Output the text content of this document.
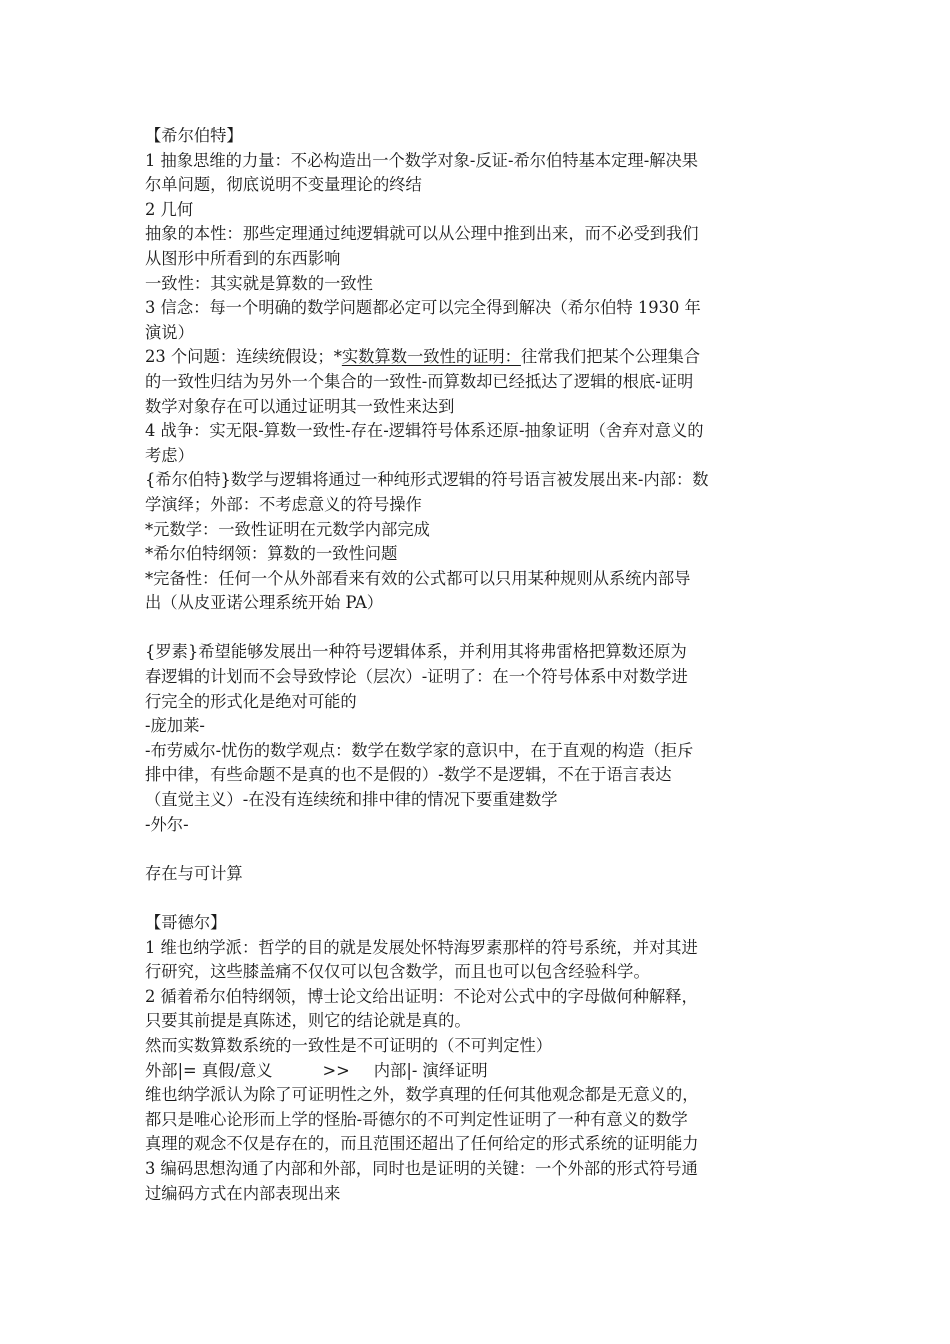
【希尔伯特】
1 抽象思维的力量：不必构造出一个数学对象-反证-希尔伯特基本定理-解决果
尔单问题，彻底说明不变量理论的终结
2 几何
抽象的本性：那些定理通过纯逻辑就可以从公理中推到出来，而不必受到我们
从图形中所看到的东西影响
一致性：其实就是算数的一致性
3 信念：每一个明确的数学问题都必定可以完全得到解决（希尔伯特 1930 年
演说）
23 个问题：连续统假设；*实数算数一致性的证明：往常我们把某个公理集合
的一致性归结为另外一个集合的一致性-而算数却已经抵达了逻辑的根底-证明
数学对象存在可以通过证明其一致性来达到
4 战争：实无限-算数一致性-存在-逻辑符号体系还原-抽象证明（舍弃对意义的
考虑）
{希尔伯特}数学与逻辑将通过一种纯形式逻辑的符号语言被发展出来-内部：数
学演绎；外部：不考虑意义的符号操作
*元数学：一致性证明在元数学内部完成
*希尔伯特纲领：算数的一致性问题
*完备性：任何一个从外部看来有效的公式都可以只用某种规则从系统内部导
出（从皮亚诺公理系统开始 PA）
{罗素}希望能够发展出一种符号逻辑体系，并利用其将弗雷格把算数还原为
春逻辑的计划而不会导致悖论（层次）-证明了：在一个符号体系中对数学进
行完全的形式化是绝对可能的
-庞加莱-
-布劳威尔-忧伤的数学观点：数学在数学家的意识中，在于直观的构造（拒斥
排中律，有些命题不是真的也不是假的）-数学不是逻辑，不在于语言表达
（直觉主义）-在没有连续统和排中律的情况下要重建数学
-外尔-
存在与可计算
【哥德尔】
1 维也纳学派：哲学的目的就是发展处怀特海罗素那样的符号系统，并对其进
行研究，这些膝盖痛不仅仅可以包含数学，而且也可以包含经验科学。
2 循着希尔伯特纲领，博士论文给出证明：不论对公式中的字母做何种解释，
只要其前提是真陈述，则它的结论就是真的。
然而实数算数系统的一致性是不可证明的（不可判定性）
外部|= 真假/意义	>> 内部|- 演绎证明
维也纳学派认为除了可证明性之外，数学真理的任何其他观念都是无意义的，
都只是唯心论形而上学的怪胎-哥德尔的不可判定性证明了一种有意义的数学
真理的观念不仅是存在的，而且范围还超出了任何给定的形式系统的证明能力
3 编码思想沟通了内部和外部，同时也是证明的关键：一个外部的形式符号通
过编码方式在内部表现出来
